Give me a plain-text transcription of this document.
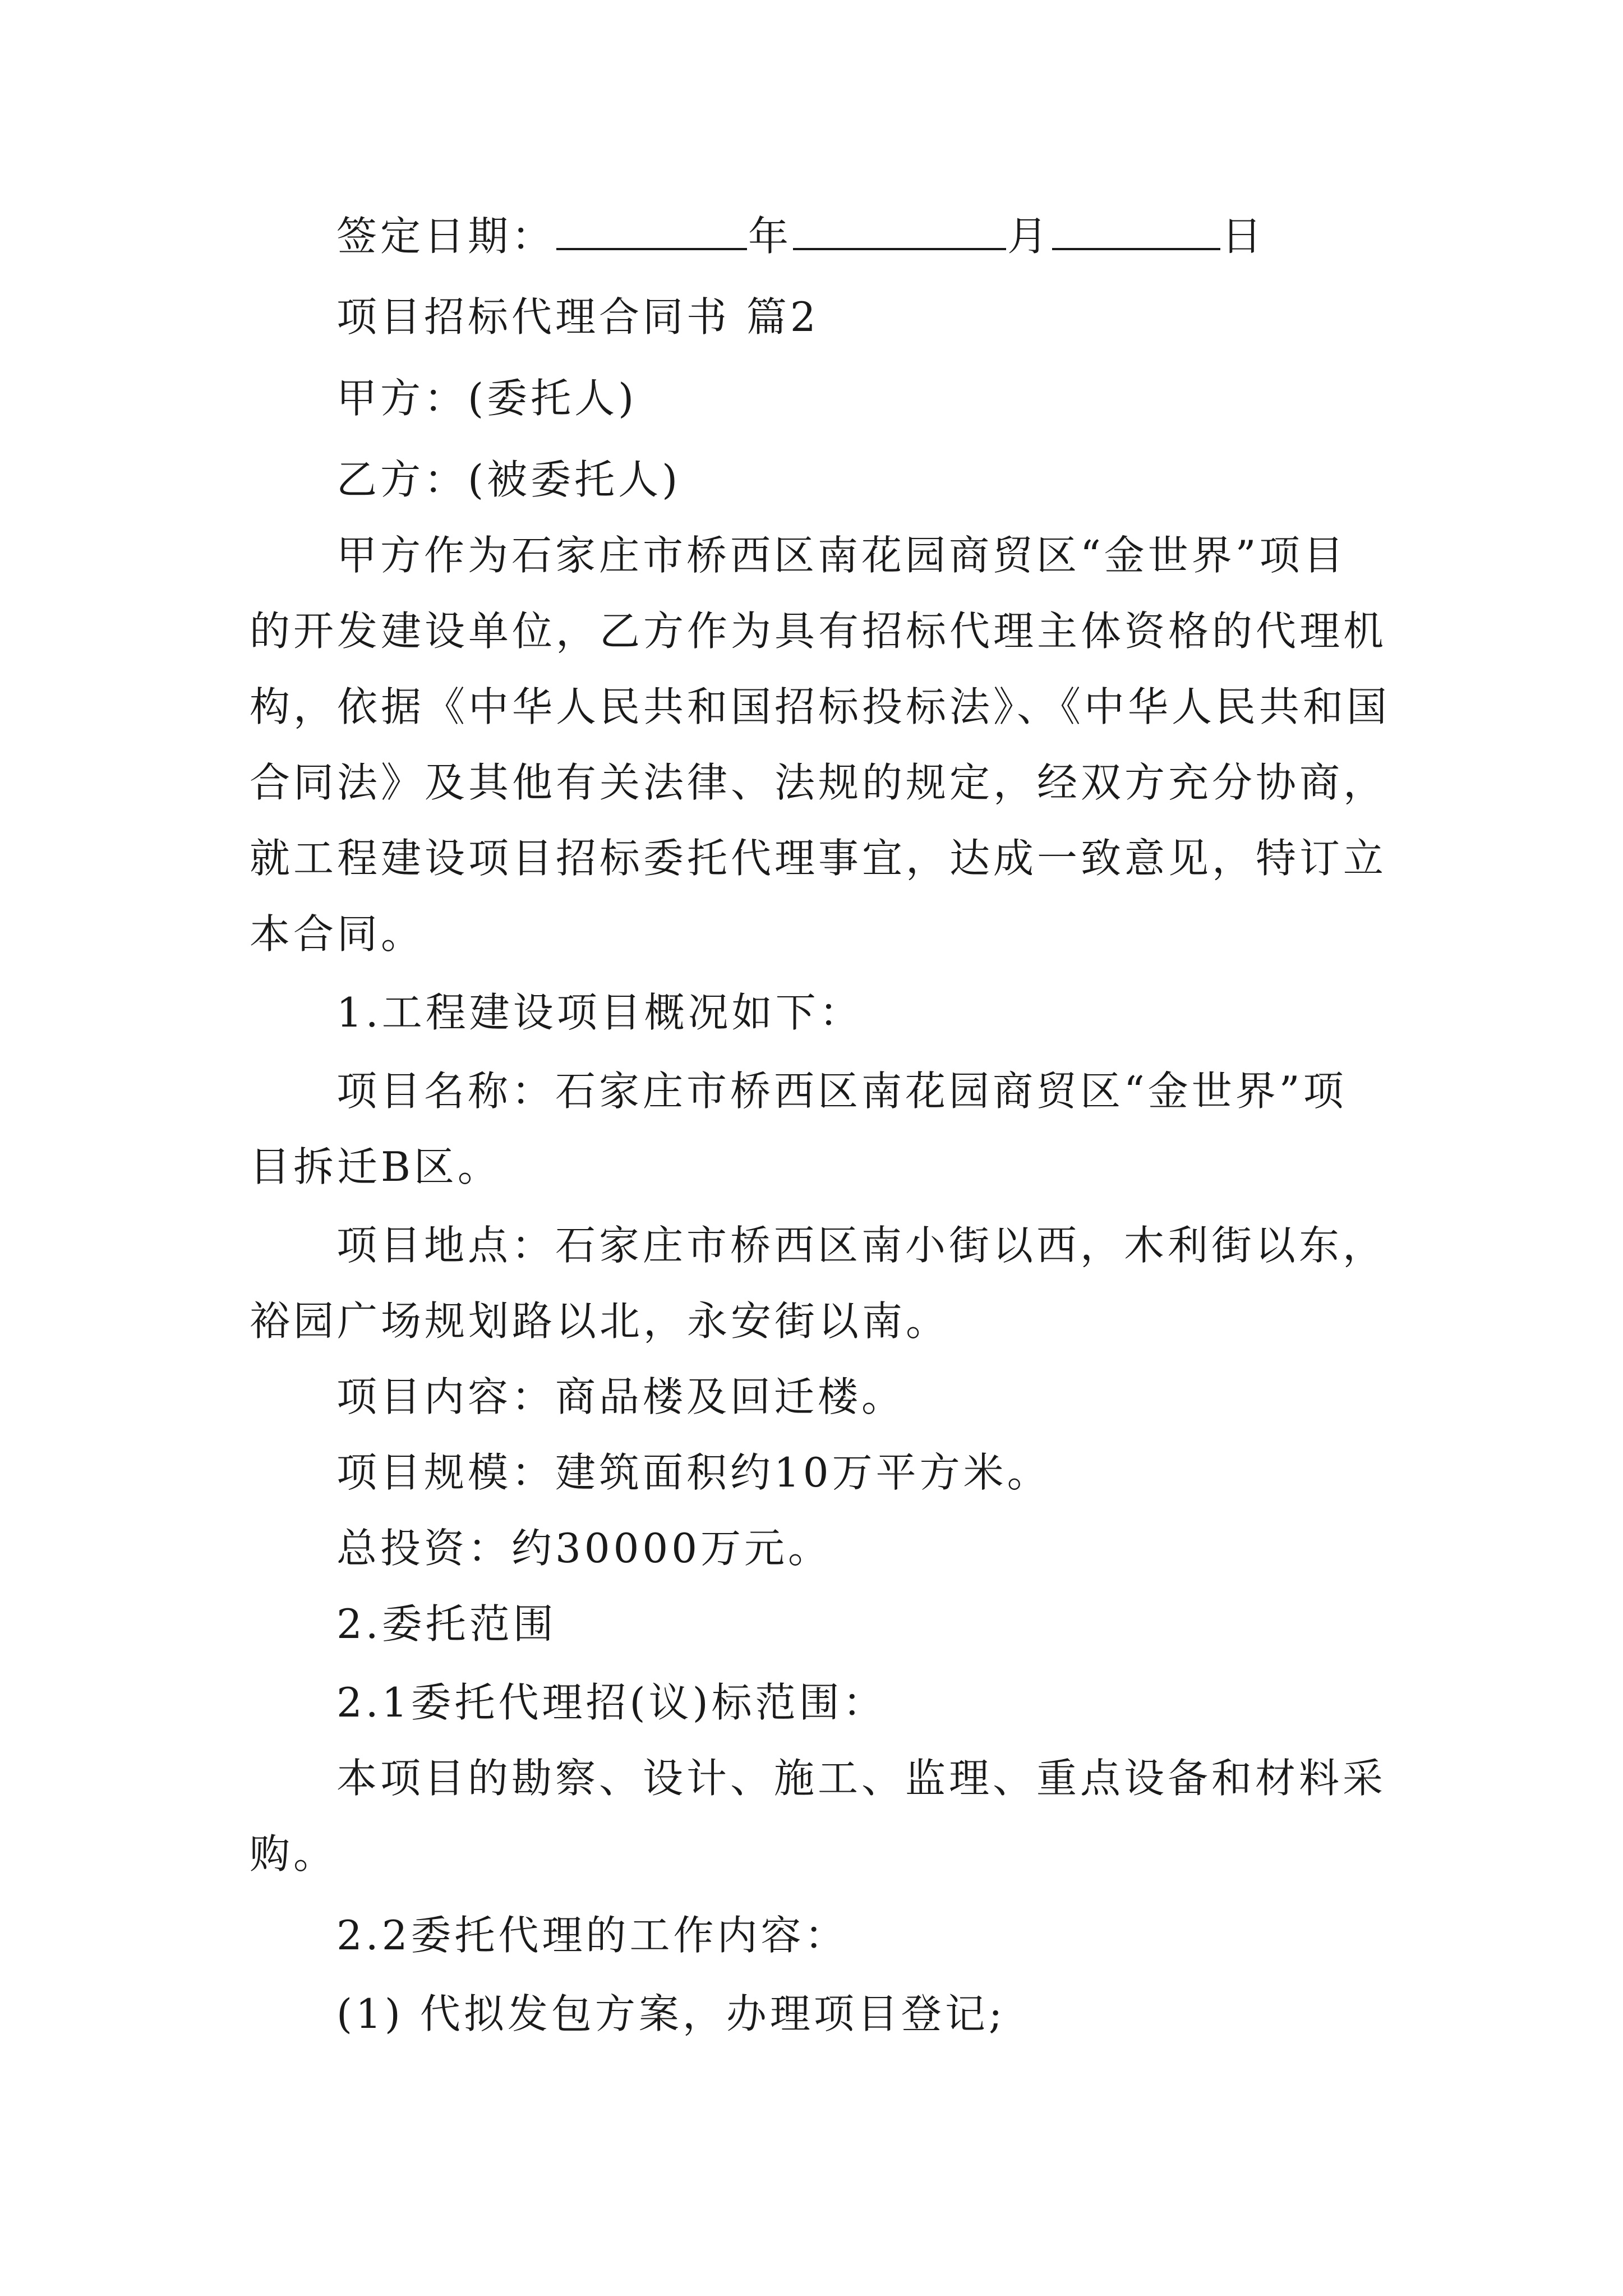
签定日期：	年	月	日
项目招标代理合同书 篇2
甲方：(委托人)
乙方：(被委托人)
甲方作为石家庄市桥西区南花园商贸区“金世界”项目
的开发建设单位，乙方作为具有招标代理主体资格的代理机
构，依据《中华人民共和国招标投标法》、《中华人民共和国
合同法》及其他有关法律、法规的规定，经双方充分协商，
就工程建设项目招标委托代理事宜，达成一致意见，特订立
本合同。
1.工程建设项目概况如下：
项目名称：石家庄市桥西区南花园商贸区“金世界”项
目拆迁B区。
项目地点：石家庄市桥西区南小街以西，木利街以东，
裕园广场规划路以北，永安街以南。
项目内容：商品楼及回迁楼。
项目规模：建筑面积约10万平方米。
总投资：约30000万元。
2.委托范围
2.1委托代理招(议)标范围：
本项目的勘察、设计、施工、监理、重点设备和材料采
购。
2.2委托代理的工作内容：
(1) 代拟发包方案，办理项目登记;
